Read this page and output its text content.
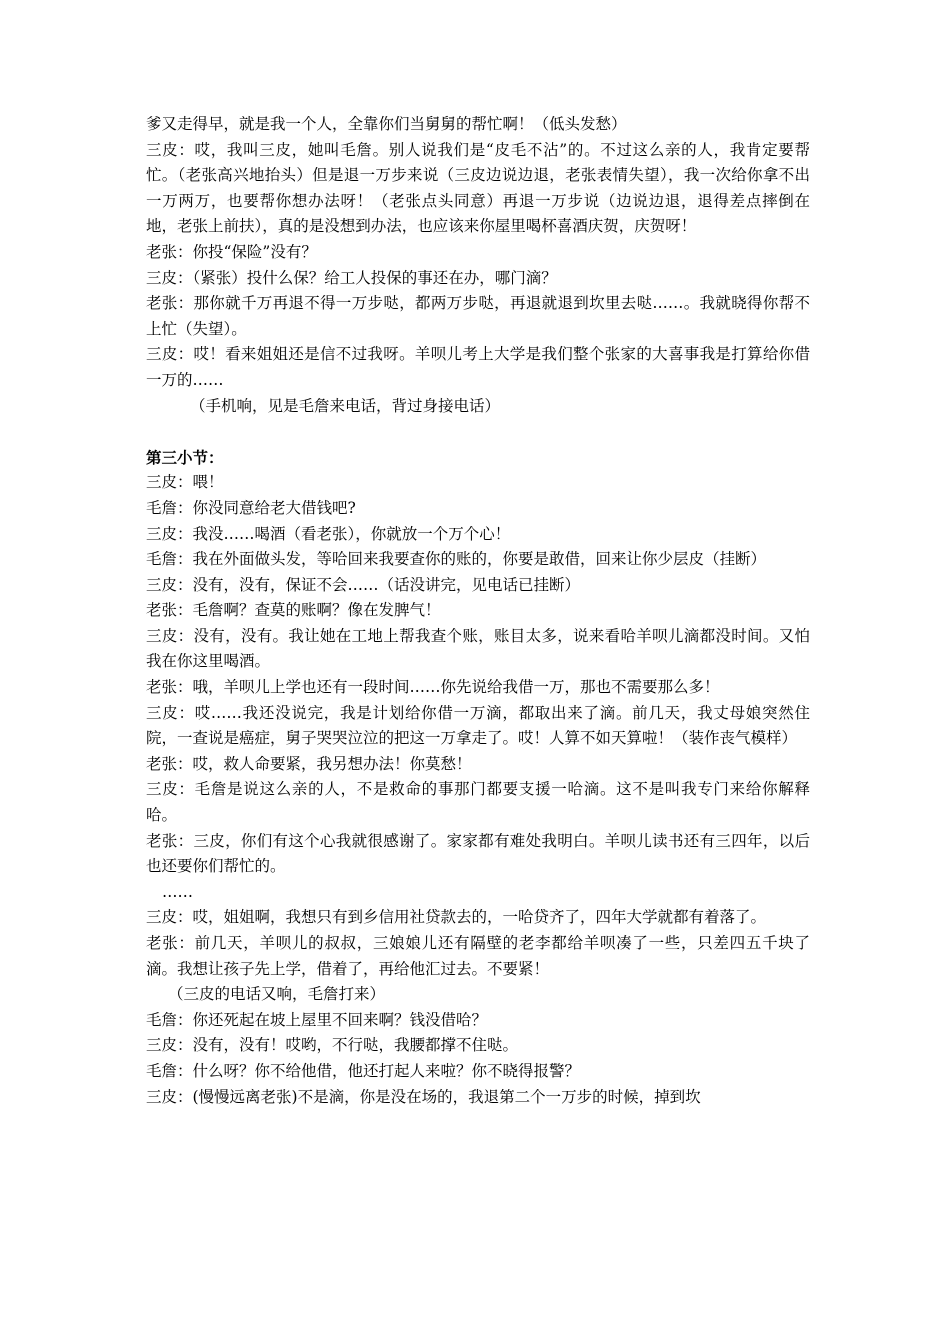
爹又走得早，就是我一个人，全靠你们当舅舅的帮忙啊！（低头发愁）

三皮：哎，我叫三皮，她叫毛詹。别人说我们是“皮毛不沾”的。不过这么亲的人，我肯定要帮忙。（老张高兴地抬头）但是退一万步来说（三皮边说边退，老张表情失望），我一次给你拿不出一万两万，也要帮你想办法呀！（老张点头同意）再退一万步说（边说边退，退得差点摔倒在地，老张上前扶），真的是没想到办法，也应该来你屋里喝杯喜酒庆贺，庆贺呀！

老张：你投“保险”没有？

三皮：（紧张）投什么保？给工人投保的事还在办，哪门滴？

老张：那你就千万再退不得一万步哒，都两万步哒，再退就退到坎里去哒……。我就晓得你帮不上忙（失望）。

三皮：哎！看来姐姐还是信不过我呀。羊呗儿考上大学是我们整个张家的大喜事我是打算给你借一万的……

（手机响，见是毛詹来电话，背过身接电话）

第三小节：

三皮：喂！

毛詹：你没同意给老大借钱吧?

三皮：我没……喝酒（看老张），你就放一个万个心！

毛詹：我在外面做头发，等哈回来我要查你的账的，你要是敢借，回来让你少层皮（挂断）

三皮：没有，没有，保证不会……（话没讲完，见电话已挂断）

老张：毛詹啊？查莫的账啊？像在发脾气！

三皮：没有，没有。我让她在工地上帮我查个账，账目太多，说来看哈羊呗儿滴都没时间。又怕我在你这里喝酒。

老张：哦，羊呗儿上学也还有一段时间……你先说给我借一万，那也不需要那么多！

三皮：哎……我还没说完，我是计划给你借一万滴，都取出来了滴。前几天，我丈母娘突然住院，一查说是癌症，舅子哭哭泣泣的把这一万拿走了。哎！人算不如天算啦！（装作丧气模样）

老张：哎，救人命要紧，我另想办法！你莫愁！

三皮：毛詹是说这么亲的人，不是救命的事那门都要支援一哈滴。这不是叫我专门来给你解释哈。

老张：三皮，你们有这个心我就很感谢了。家家都有难处我明白。羊呗儿读书还有三四年，以后也还要你们帮忙的。

……

三皮：哎，姐姐啊，我想只有到乡信用社贷款去的，一哈贷齐了，四年大学就都有着落了。

老张：前几天，羊呗儿的叔叔，三娘娘儿还有隔壁的老李都给羊呗凑了一些，只差四五千块了滴。我想让孩子先上学，借着了，再给他汇过去。不要紧！

（三皮的电话又响，毛詹打来）

毛詹：你还死起在坡上屋里不回来啊？钱没借哈？

三皮：没有，没有！哎哟，不行哒，我腰都撑不住哒。

毛詹：什么呀？你不给他借，他还打起人来啦？你不晓得报警？

三皮：(慢慢远离老张)不是滴，你是没在场的，我退第二个一万步的时候，掉到坎
